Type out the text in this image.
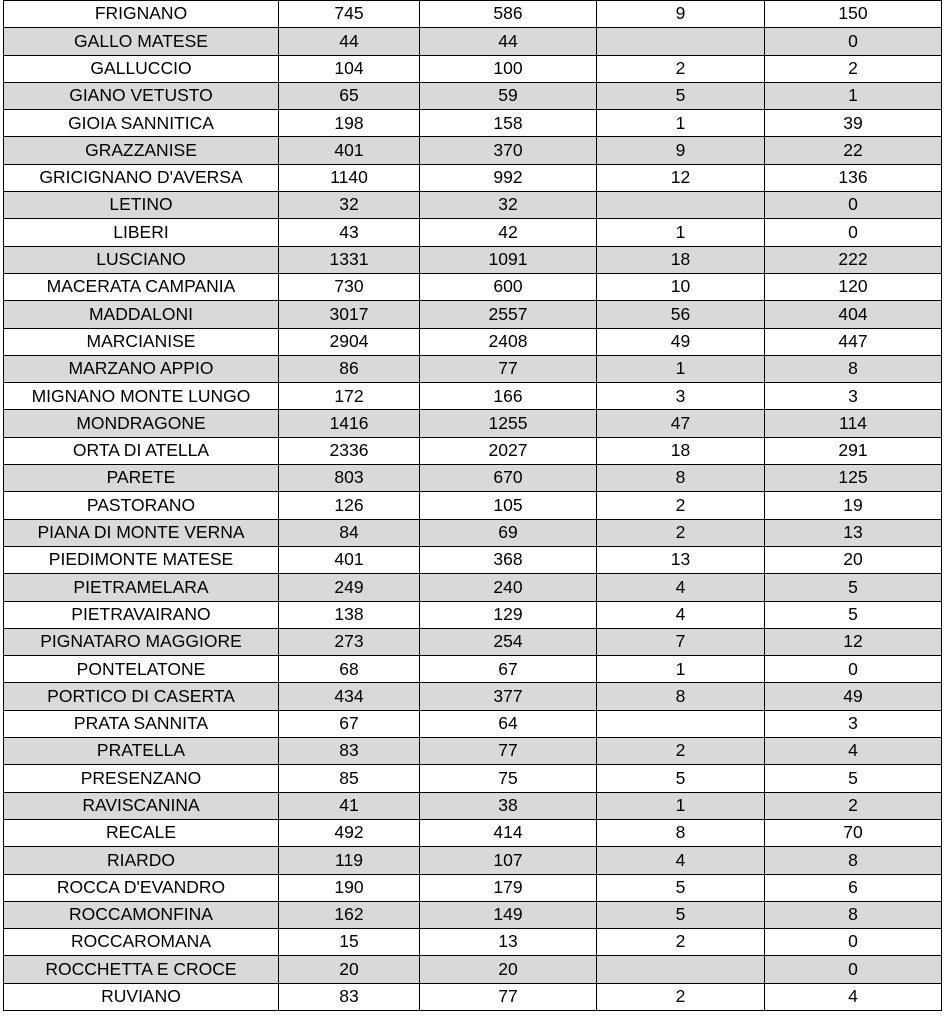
FRIGNANO	745	586	9	150
GALLO MATESE	44	44		0
GALLUCCIO	104	100	2	2
GIANO VETUSTO	65	59	5	1
GIOIA SANNITICA	198	158	1	39
GRAZZANISE	401	370	9	22
GRICIGNANO D'AVERSA	1140	992	12	136
LETINO	32	32		0
LIBERI	43	42	1	0
LUSCIANO	1331	1091	18	222
MACERATA CAMPANIA	730	600	10	120
MADDALONI	3017	2557	56	404
MARCIANISE	2904	2408	49	447
MARZANO APPIO	86	77	1	8
MIGNANO MONTE LUNGO	172	166	3	3
MONDRAGONE	1416	1255	47	114
ORTA DI ATELLA	2336	2027	18	291
PARETE	803	670	8	125
PASTORANO	126	105	2	19
PIANA DI MONTE VERNA	84	69	2	13
PIEDIMONTE MATESE	401	368	13	20
PIETRAMELARA	249	240	4	5
PIETRAVAIRANO	138	129	4	5
PIGNATARO MAGGIORE	273	254	7	12
PONTELATONE	68	67	1	0
PORTICO DI CASERTA	434	377	8	49
PRATA SANNITA	67	64		3
PRATELLA	83	77	2	4
PRESENZANO	85	75	5	5
RAVISCANINA	41	38	1	2
RECALE	492	414	8	70
RIARDO	119	107	4	8
ROCCA D'EVANDRO	190	179	5	6
ROCCAMONFINA	162	149	5	8
ROCCAROMANA	15	13	2	0
ROCCHETTA E CROCE	20	20		0
RUVIANO	83	77	2	4
